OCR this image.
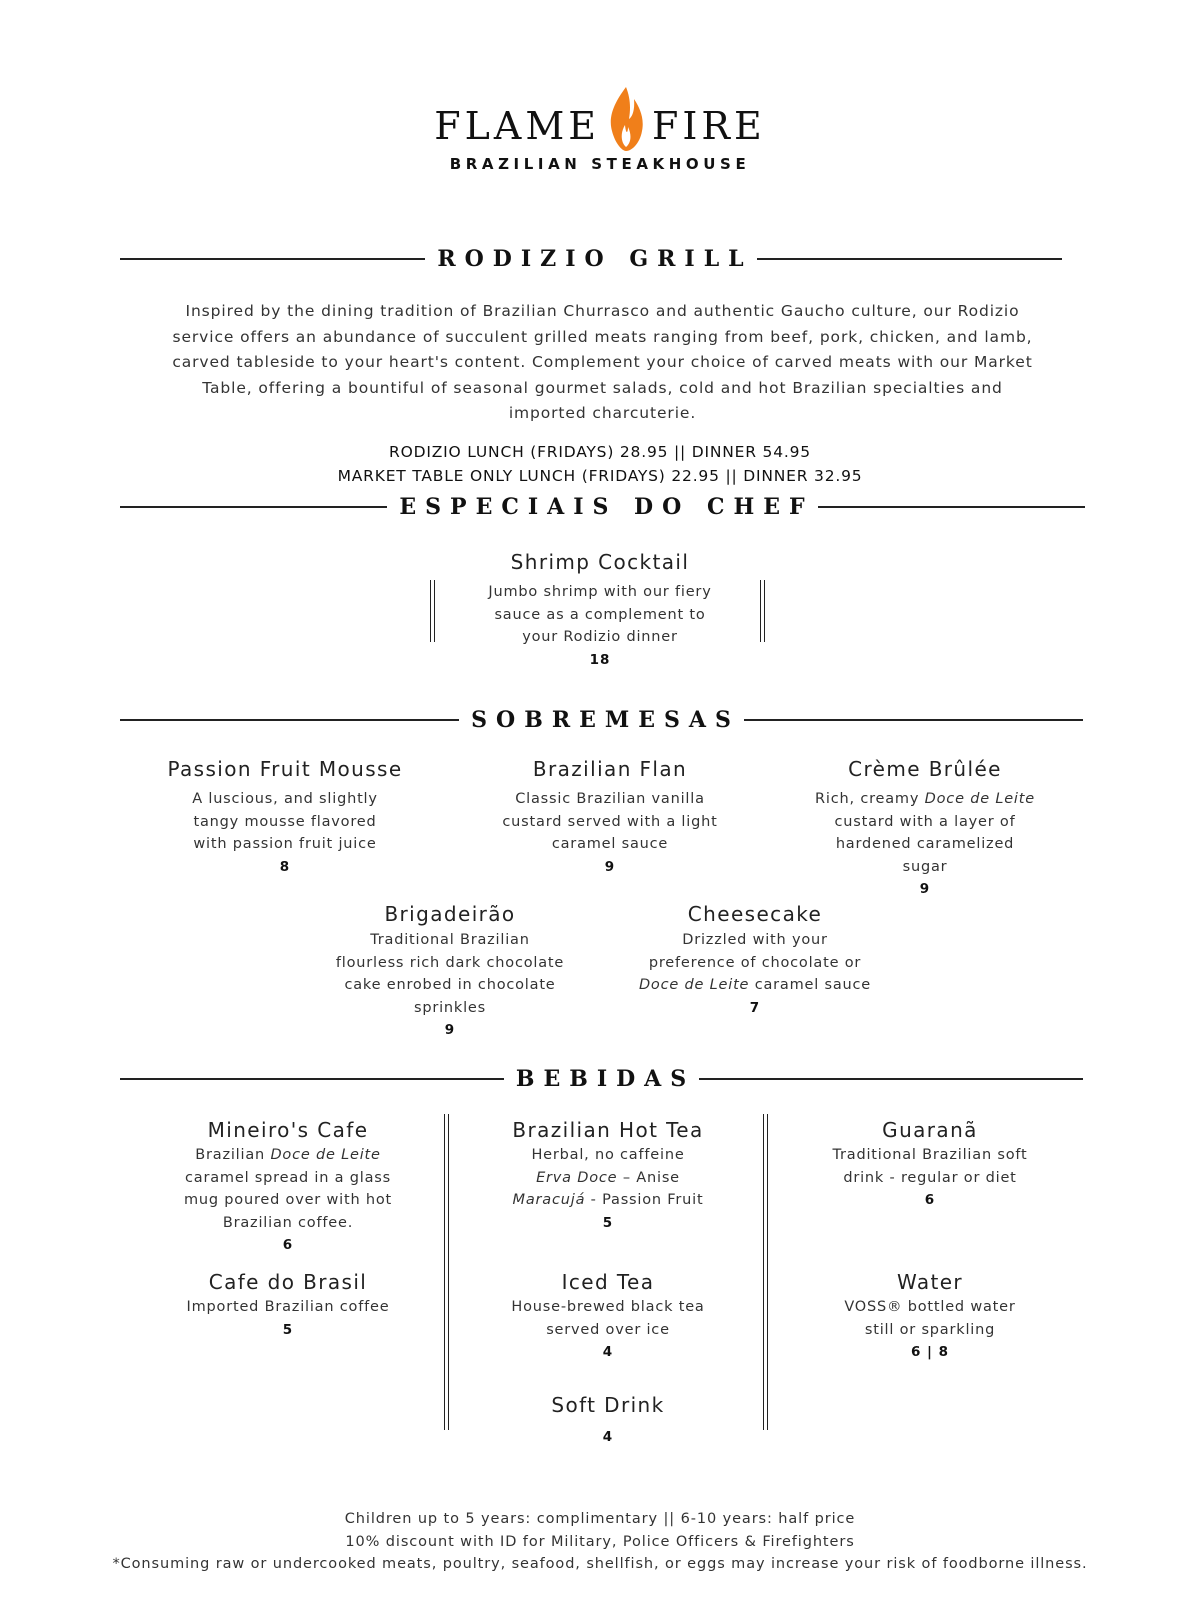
FLAME FIRE
BRAZILIAN STEAKHOUSE
RODIZIO GRILL
Inspired by the dining tradition of Brazilian Churrasco and authentic Gaucho culture, our Rodizio
service offers an abundance of succulent grilled meats ranging from beef, pork, chicken, and lamb,
carved tableside to your heart's content. Complement your choice of carved meats with our Market
Table, offering a bountiful of seasonal gourmet salads, cold and hot Brazilian specialties and
imported charcuterie.
RODIZIO LUNCH (FRIDAYS) 28.95 || DINNER 54.95
MARKET TABLE ONLY LUNCH (FRIDAYS) 22.95 || DINNER 32.95
ESPECIAIS DO CHEF
Shrimp Cocktail
Jumbo shrimp with our fiery
sauce as a complement to
your Rodizio dinner
18
SOBREMESAS
Passion Fruit Mousse
A luscious, and slightly
tangy mousse flavored
with passion fruit juice
8
Brazilian Flan
Classic Brazilian vanilla
custard served with a light
caramel sauce
9
Crème Brûlée
Rich, creamy Doce de Leite
custard with a layer of
hardened caramelized
sugar
9
Brigadeirão
Traditional Brazilian
flourless rich dark chocolate
cake enrobed in chocolate
sprinkles
9
Cheesecake
Drizzled with your
preference of chocolate or
Doce de Leite caramel sauce
7
BEBIDAS
Mineiro's Cafe
Brazilian Doce de Leite
caramel spread in a glass
mug poured over with hot
Brazilian coffee.
6
Cafe do Brasil
Imported Brazilian coffee
5
Brazilian Hot Tea
Herbal, no caffeine
Erva Doce – Anise
Maracujá - Passion Fruit
5
Iced Tea
House-brewed black tea
served over ice
4
Soft Drink
4
Guaranã
Traditional Brazilian soft
drink - regular or diet
6
Water
VOSS® bottled water
still or sparkling
6 | 8
Children up to 5 years: complimentary || 6-10 years: half price
10% discount with ID for Military, Police Officers & Firefighters
*Consuming raw or undercooked meats, poultry, seafood, shellfish, or eggs may increase your risk of foodborne illness.
